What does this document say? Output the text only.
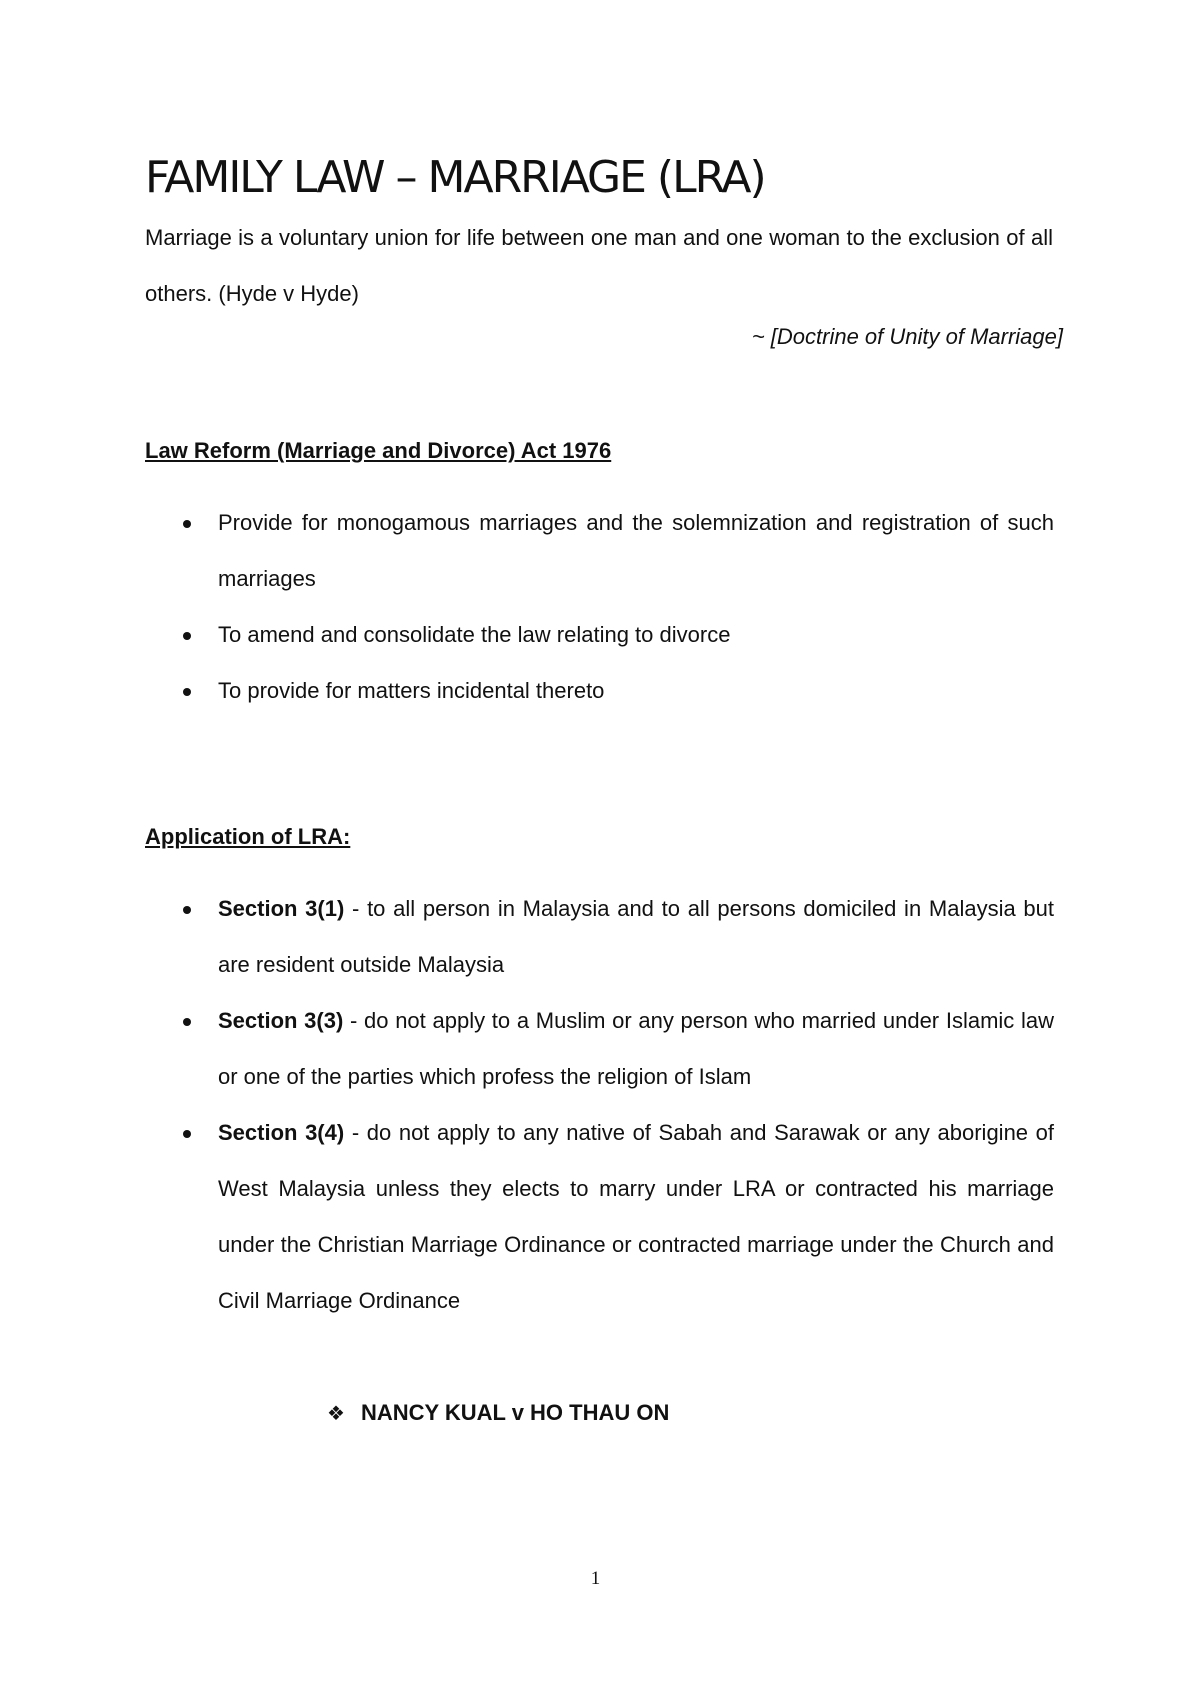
FAMILY LAW – MARRIAGE (LRA)

Marriage is a voluntary union for life between one man and one woman to the exclusion of all others. (Hyde v Hyde)

~ [Doctrine of Unity of Marriage]

Law Reform (Marriage and Divorce) Act 1976
Provide for monogamous marriages and the solemnization and registration of such marriages
To amend and consolidate the law relating to divorce
To provide for matters incidental thereto
Application of LRA:
Section 3(1) - to all person in Malaysia and to all persons domiciled in Malaysia but are resident outside Malaysia
Section 3(3) - do not apply to a Muslim or any person who married under Islamic law or one of the parties which profess the religion of Islam
Section 3(4) - do not apply to any native of Sabah and Sarawak or any aborigine of West Malaysia unless they elects to marry under LRA or contracted his marriage under the Christian Marriage Ordinance or contracted marriage under the Church and Civil Marriage Ordinance

❖ NANCY KUAL v HO THAU ON

1
